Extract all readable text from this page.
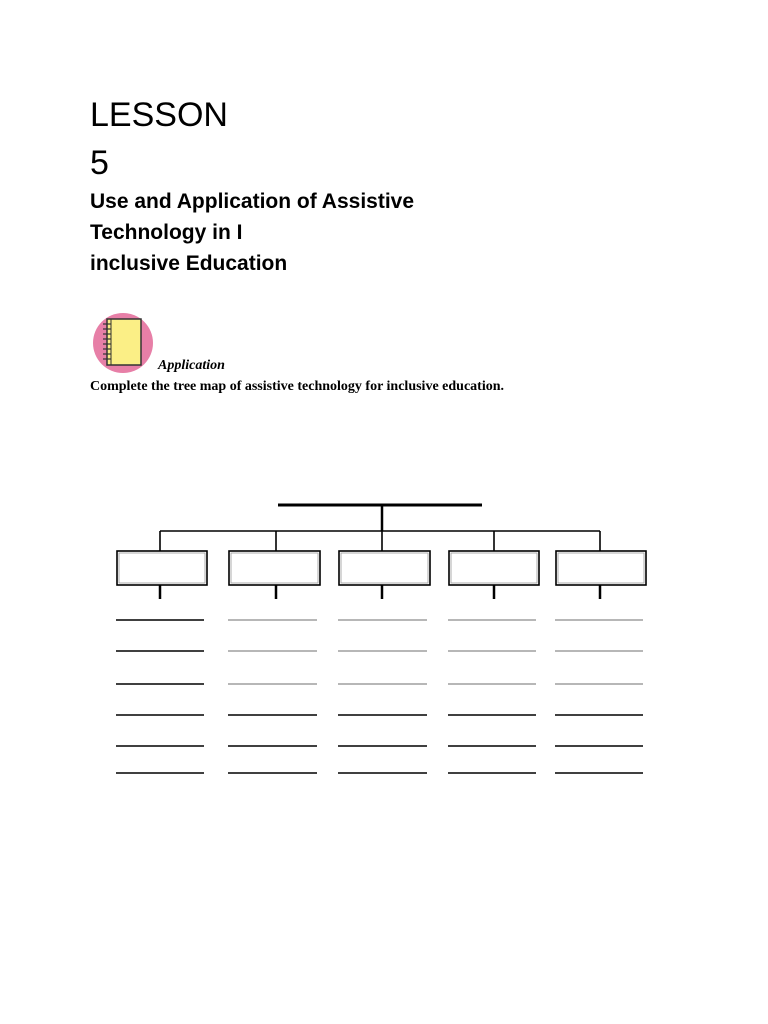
LESSON
5
Use and Application of Assistive
Technology in I
inclusive Education
Application
Complete the tree map of assistive technology for inclusive education.
